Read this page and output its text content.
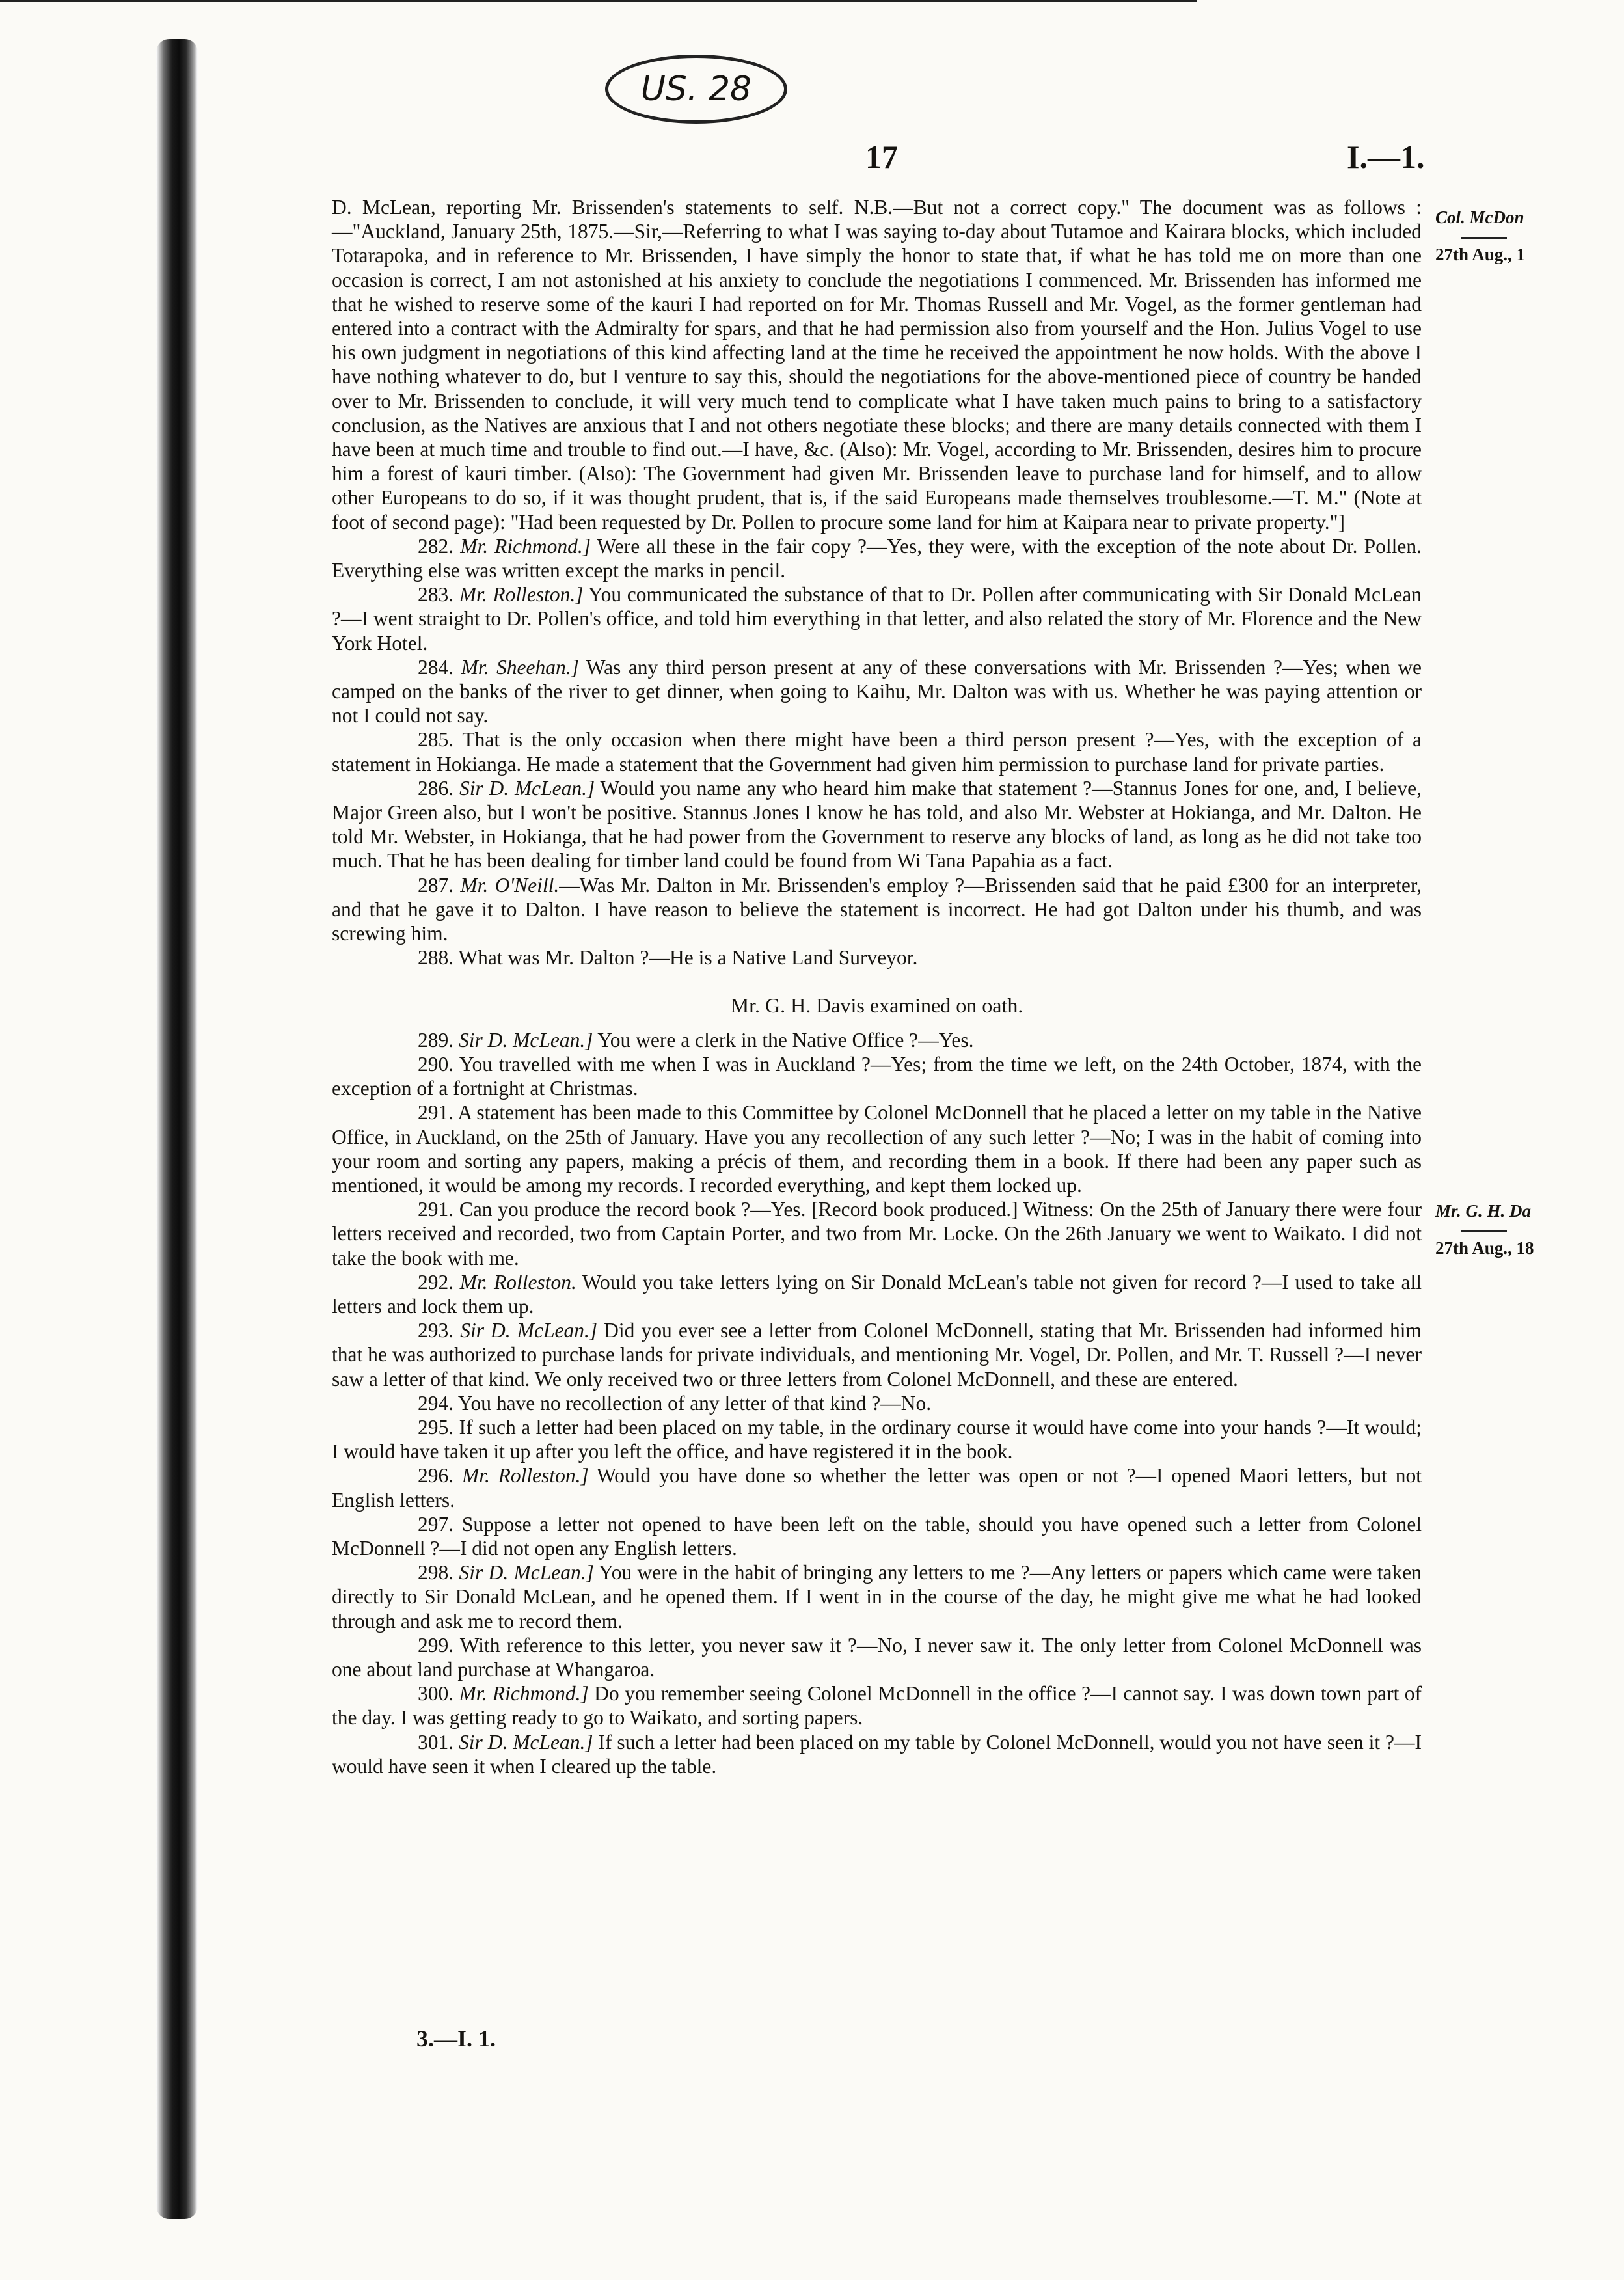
US. 28
17	I.—1.
Col. McDon
27th Aug., 1
Mr. G. H. Da
27th Aug., 18

D. McLean, reporting Mr. Brissenden's statements to self. N.B.—But not a correct copy." The document was as follows :—"Auckland, January 25th, 1875.—Sir,—Referring to what I was saying to-day about Tutamoe and Kairara blocks, which included Totarapoka, and in reference to Mr. Brissenden, I have simply the honor to state that, if what he has told me on more than one occasion is correct, I am not astonished at his anxiety to conclude the negotiations I commenced. Mr. Brissenden has informed me that he wished to reserve some of the kauri I had reported on for Mr. Thomas Russell and Mr. Vogel, as the former gentleman had entered into a contract with the Admiralty for spars, and that he had permission also from yourself and the Hon. Julius Vogel to use his own judgment in negotiations of this kind affecting land at the time he received the appointment he now holds. With the above I have nothing whatever to do, but I venture to say this, should the negotiations for the above-mentioned piece of country be handed over to Mr. Brissenden to conclude, it will very much tend to complicate what I have taken much pains to bring to a satisfactory conclusion, as the Natives are anxious that I and not others negotiate these blocks; and there are many details connected with them I have been at much time and trouble to find out.—I have, &c. (Also): Mr. Vogel, according to Mr. Brissenden, desires him to procure him a forest of kauri timber. (Also): The Government had given Mr. Brissenden leave to purchase land for himself, and to allow other Europeans to do so, if it was thought prudent, that is, if the said Europeans made themselves troublesome.—T. M." (Note at foot of second page): "Had been requested by Dr. Pollen to procure some land for him at Kaipara near to private property."]

282. Mr. Richmond.] Were all these in the fair copy ?—Yes, they were, with the exception of the note about Dr. Pollen. Everything else was written except the marks in pencil.

283. Mr. Rolleston.] You communicated the substance of that to Dr. Pollen after communicating with Sir Donald McLean ?—I went straight to Dr. Pollen's office, and told him everything in that letter, and also related the story of Mr. Florence and the New York Hotel.

284. Mr. Sheehan.] Was any third person present at any of these conversations with Mr. Brissenden ?—Yes; when we camped on the banks of the river to get dinner, when going to Kaihu, Mr. Dalton was with us. Whether he was paying attention or not I could not say.

285. That is the only occasion when there might have been a third person present ?—Yes, with the exception of a statement in Hokianga. He made a statement that the Government had given him permission to purchase land for private parties.

286. Sir D. McLean.] Would you name any who heard him make that statement ?—Stannus Jones for one, and, I believe, Major Green also, but I won't be positive. Stannus Jones I know he has told, and also Mr. Webster at Hokianga, and Mr. Dalton. He told Mr. Webster, in Hokianga, that he had power from the Government to reserve any blocks of land, as long as he did not take too much. That he has been dealing for timber land could be found from Wi Tana Papahia as a fact.

287. Mr. O'Neill.—Was Mr. Dalton in Mr. Brissenden's employ ?—Brissenden said that he paid £300 for an interpreter, and that he gave it to Dalton. I have reason to believe the statement is incorrect. He had got Dalton under his thumb, and was screwing him.

288. What was Mr. Dalton ?—He is a Native Land Surveyor.

Mr. G. H. Davis examined on oath.

289. Sir D. McLean.] You were a clerk in the Native Office ?—Yes.

290. You travelled with me when I was in Auckland ?—Yes; from the time we left, on the 24th October, 1874, with the exception of a fortnight at Christmas.

291. A statement has been made to this Committee by Colonel McDonnell that he placed a letter on my table in the Native Office, in Auckland, on the 25th of January. Have you any recollection of any such letter ?—No; I was in the habit of coming into your room and sorting any papers, making a précis of them, and recording them in a book. If there had been any paper such as mentioned, it would be among my records. I recorded everything, and kept them locked up.

291. Can you produce the record book ?—Yes. [Record book produced.] Witness: On the 25th of January there were four letters received and recorded, two from Captain Porter, and two from Mr. Locke. On the 26th January we went to Waikato. I did not take the book with me.

292. Mr. Rolleston. Would you take letters lying on Sir Donald McLean's table not given for record ?—I used to take all letters and lock them up.

293. Sir D. McLean.] Did you ever see a letter from Colonel McDonnell, stating that Mr. Brissenden had informed him that he was authorized to purchase lands for private individuals, and mentioning Mr. Vogel, Dr. Pollen, and Mr. T. Russell ?—I never saw a letter of that kind. We only received two or three letters from Colonel McDonnell, and these are entered.

294. You have no recollection of any letter of that kind ?—No.

295. If such a letter had been placed on my table, in the ordinary course it would have come into your hands ?—It would; I would have taken it up after you left the office, and have registered it in the book.

296. Mr. Rolleston.] Would you have done so whether the letter was open or not ?—I opened Maori letters, but not English letters.

297. Suppose a letter not opened to have been left on the table, should you have opened such a letter from Colonel McDonnell ?—I did not open any English letters.

298. Sir D. McLean.] You were in the habit of bringing any letters to me ?—Any letters or papers which came were taken directly to Sir Donald McLean, and he opened them. If I went in in the course of the day, he might give me what he had looked through and ask me to record them.

299. With reference to this letter, you never saw it ?—No, I never saw it. The only letter from Colonel McDonnell was one about land purchase at Whangaroa.

300. Mr. Richmond.] Do you remember seeing Colonel McDonnell in the office ?—I cannot say. I was down town part of the day. I was getting ready to go to Waikato, and sorting papers.

301. Sir D. McLean.] If such a letter had been placed on my table by Colonel McDonnell, would you not have seen it ?—I would have seen it when I cleared up the table.

3.—I. 1.
